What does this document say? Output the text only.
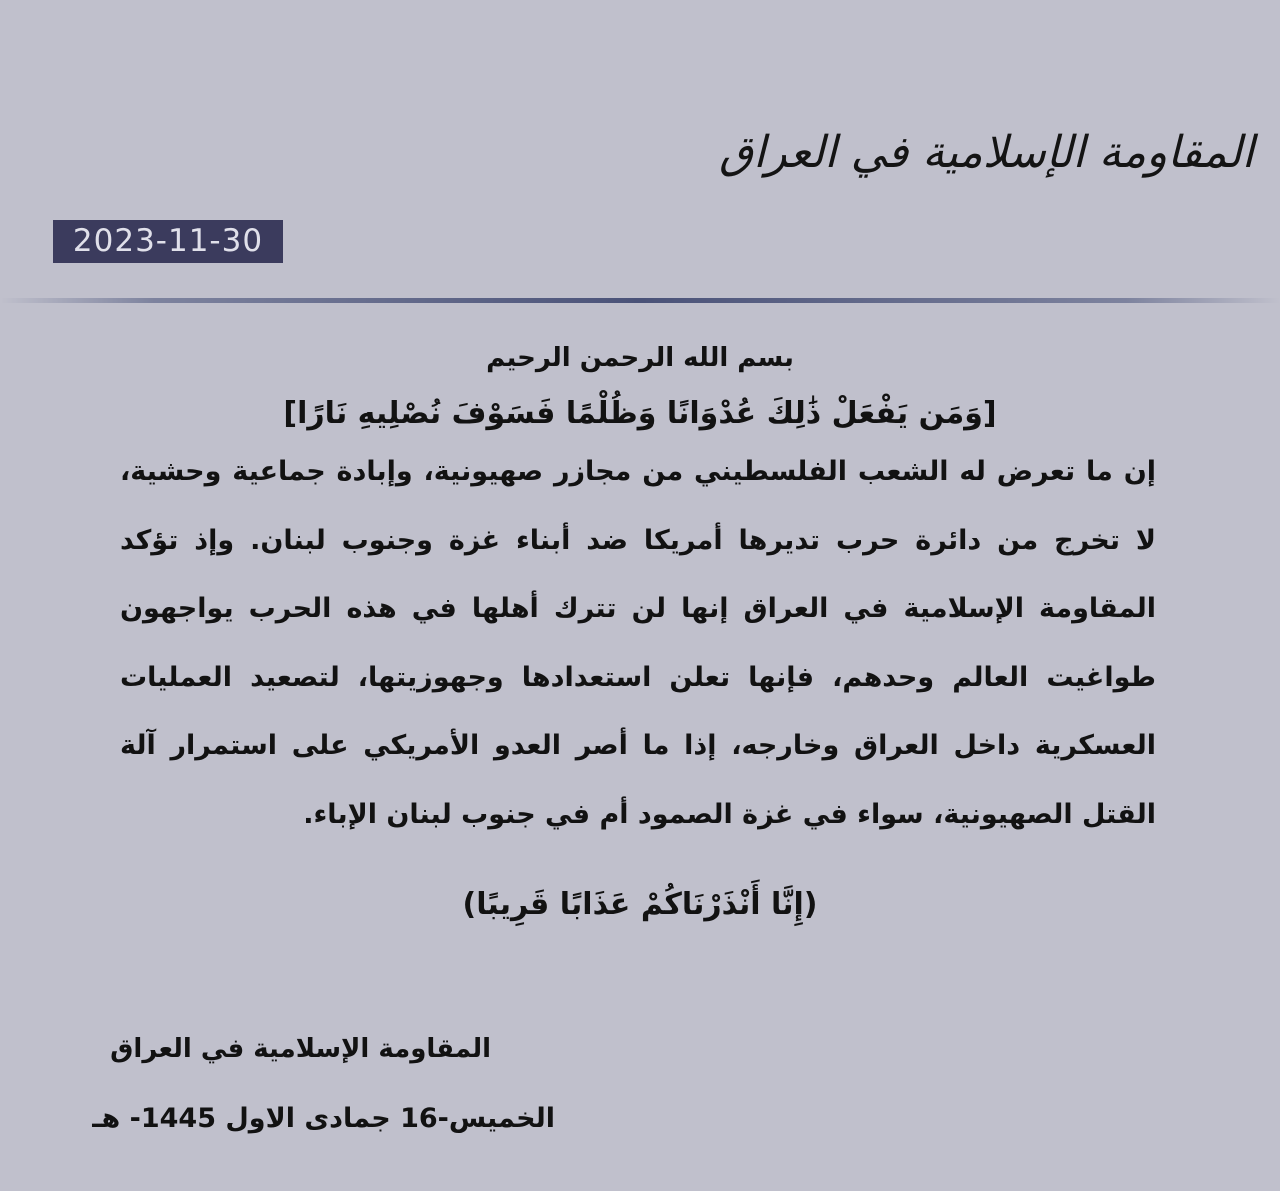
المقاومة الإسلامية في العراق
2023-11-30

بسم الله الرحمن الرحيم

[وَمَن يَفْعَلْ ذَٰلِكَ عُدْوَانًا وَظُلْمًا فَسَوْفَ نُصْلِيهِ نَارًا]

إن ما تعرض له الشعب الفلسطيني من مجازر صهيونية، وإبادة جماعية وحشية،
لا تخرج من دائرة حرب تديرها أمريكا ضد أبناء غزة وجنوب لبنان. وإذ تؤكد
المقاومة الإسلامية في العراق إنها لن تترك أهلها في هذه الحرب يواجهون
طواغيت العالم وحدهم، فإنها تعلن استعدادها وجهوزيتها، لتصعيد العمليات
العسكرية داخل العراق وخارجه، إذا ما أصر العدو الأمريكي على استمرار آلة
القتل الصهيونية، سواء في غزة الصمود أم في جنوب لبنان الإباء.

(إِنَّا أَنْذَرْنَاكُمْ عَذَابًا قَرِيبًا)

المقاومة الإسلامية في العراق
الخميس-16 جمادى الاول 1445- هـ
